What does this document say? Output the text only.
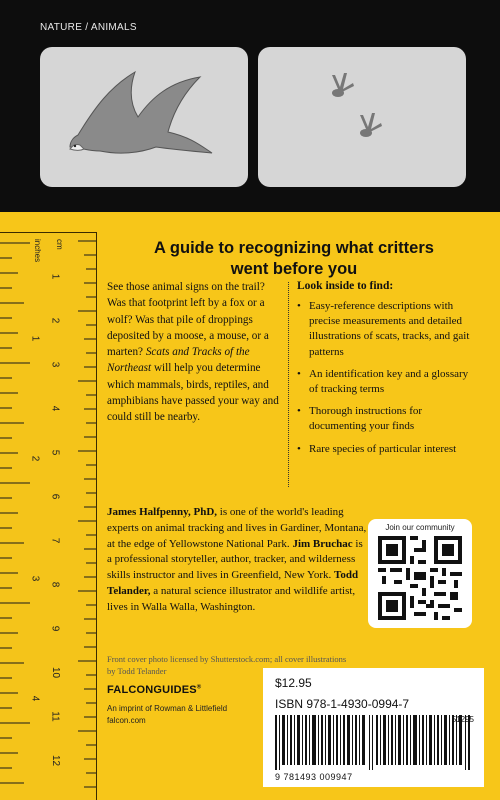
NATURE / ANIMALS
inches cm
1
2
3
4
5
6
7
8
9
10
11
12
1
2
3
4
A guide to recognizing what critters
went before you
See those animal signs on the trail? Was that footprint left by a fox or a wolf? Was that pile of droppings deposited by a moose, a mouse, or a marten? Scats and Tracks of the Northeast will help you determine which mammals, birds, reptiles, and amphibians have passed your way and could still be nearby.
Look inside to find:
• Easy-reference descriptions with precise measurements and detailed illustrations of scats, tracks, and gait patterns
• An identification key and a glossary of tracking terms
• Thorough instructions for documenting your finds
• Rare species of particular interest
James Halfpenny, PhD, is one of the world's leading experts on animal tracking and lives in Gardiner, Montana, at the edge of Yellowstone National Park. Jim Bruchac is a professional storyteller, author, tracker, and wilderness skills instructor and lives in Greenfield, New York. Todd Telander, a natural science illustrator and wildlife artist, lives in Walla Walla, Washington.
Join our community
Front cover photo licensed by Shutterstock.com; all cover illustrations
by Todd Telander
FALCONGUIDES®
An imprint of Rowman & Littlefield
falcon.com
$12.95
ISBN 978-1-4930-0994-7
51295
9 781493 009947
